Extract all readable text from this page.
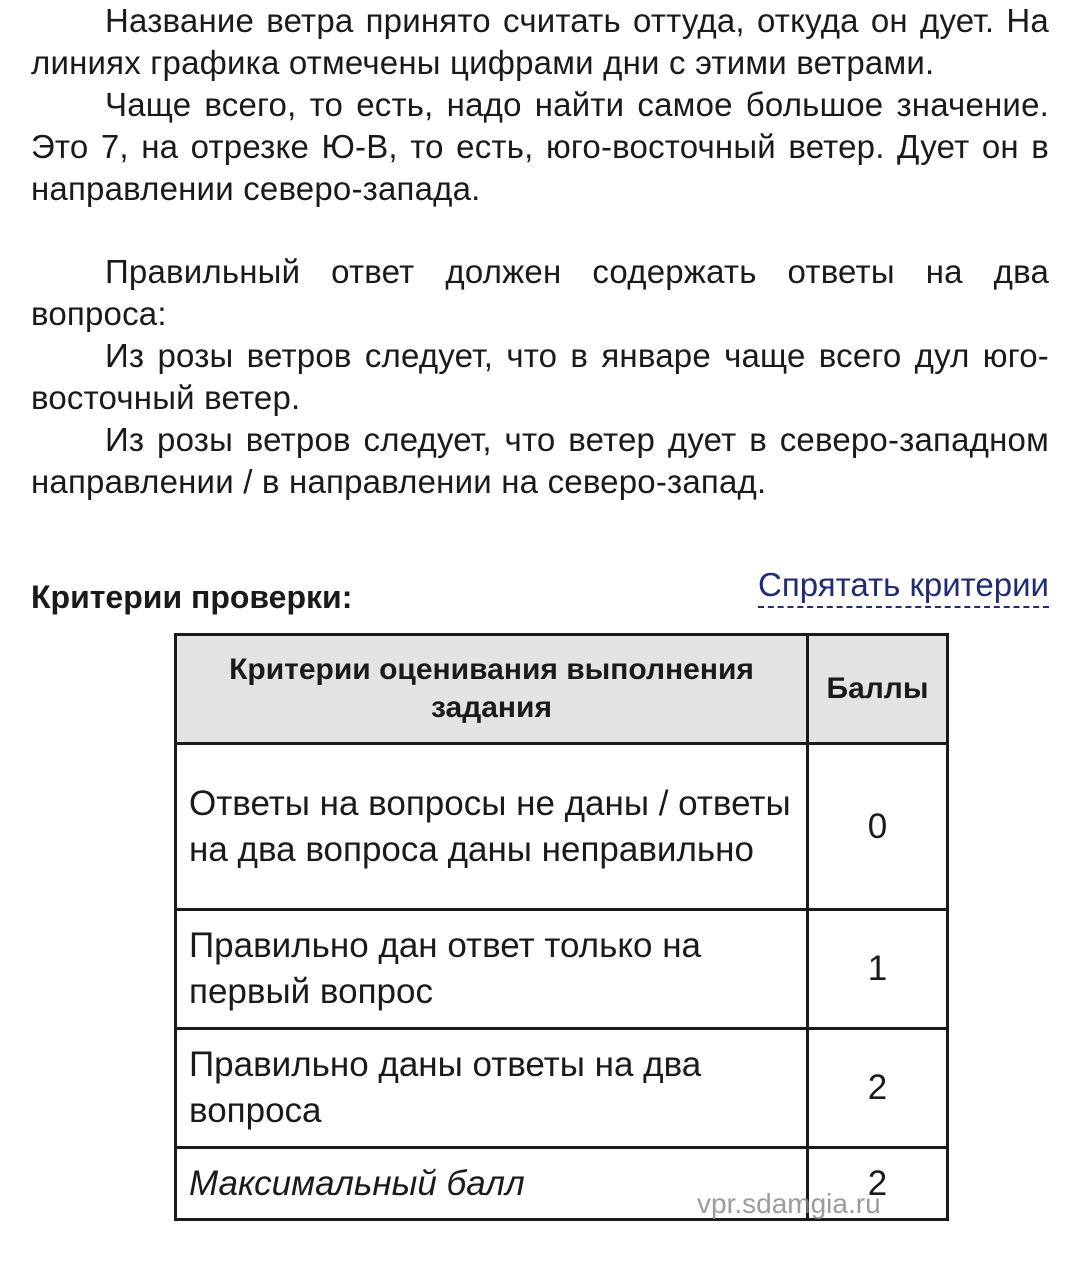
Название ветра принято считать оттуда, откуда он дует. На линиях графика отмечены цифрами дни с этими ветрами.

Чаще всего, то есть, надо найти самое большое значение. Это 7, на отрезке Ю-В, то есть, юго-восточный ветер. Дует он в направлении северо-запада.

Правильный ответ должен содержать ответы на два вопроса:

Из розы ветров следует, что в январе чаще всего дул юго-восточный ветер.

Из розы ветров следует, что ветер дует в северо-западном направлении / в направлении на северо-запад.

Критерии проверки:	Спрятать критерии
Критерии оценивания выполнения задания	Баллы
Ответы на вопросы не даны / ответы на два вопроса даны неправильно	0
Правильно дан ответ только на первый вопрос	1
Правильно даны ответы на два вопроса	2
Максимальный балл	2
vpr.sdamgia.ru
